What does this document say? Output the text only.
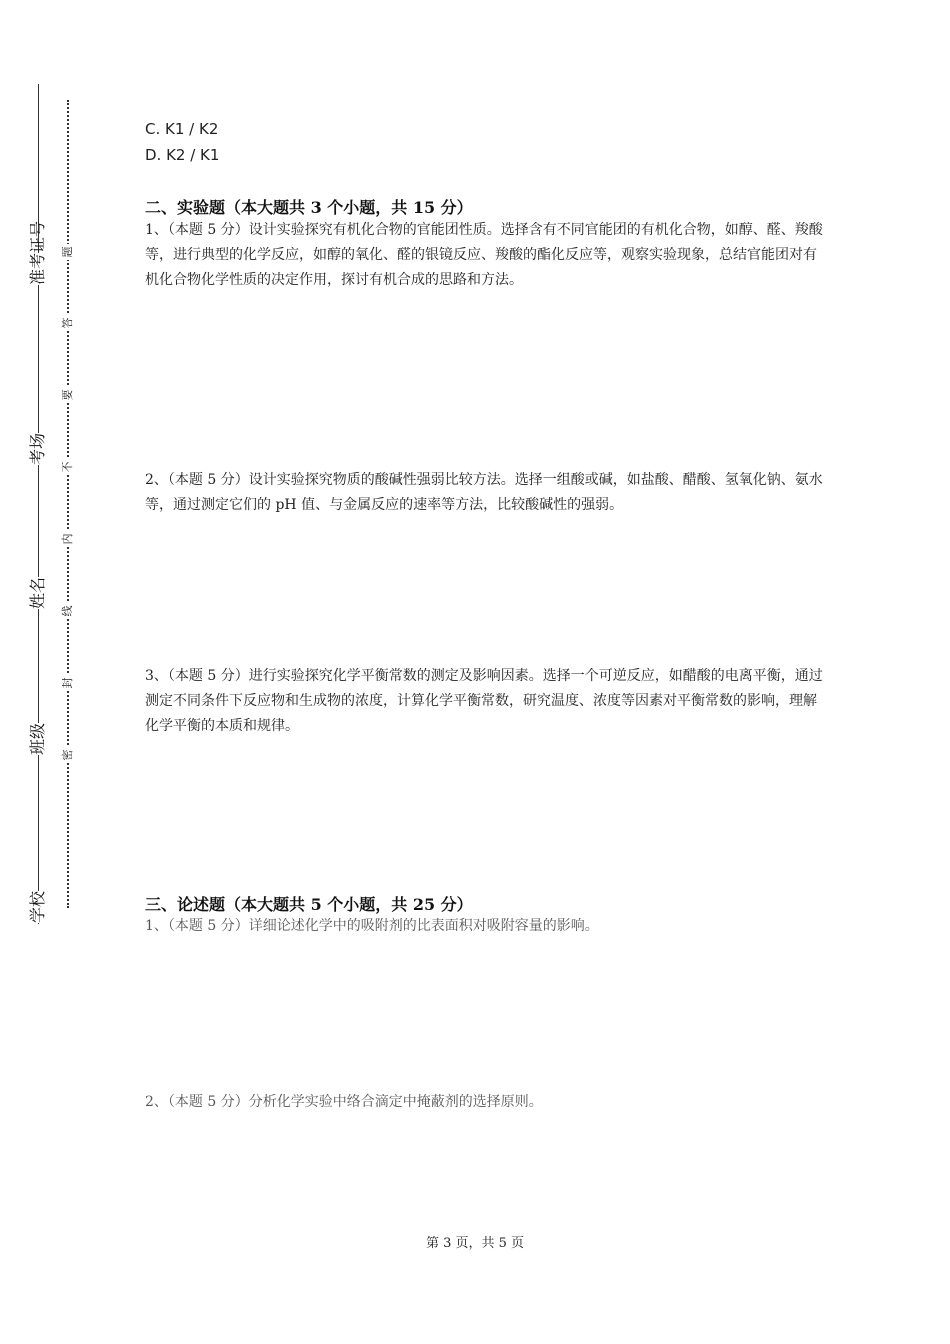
准考证号
考场
姓名
班级
学校
题
答
要
不
内
线
封
密
C. K1 / K2
D. K2 / K1
二、实验题（本大题共 3 个小题，共 15 分）
1、（本题 5 分）设计实验探究有机化合物的官能团性质。选择含有不同官能团的有机化合物，如醇、醛、羧酸等，进行典型的化学反应，如醇的氧化、醛的银镜反应、羧酸的酯化反应等，观察实验现象，总结官能团对有机化合物化学性质的决定作用，探讨有机合成的思路和方法。
2、（本题 5 分）设计实验探究物质的酸碱性强弱比较方法。选择一组酸或碱，如盐酸、醋酸、氢氧化钠、氨水等，通过测定它们的 pH 值、与金属反应的速率等方法，比较酸碱性的强弱。
3、（本题 5 分）进行实验探究化学平衡常数的测定及影响因素。选择一个可逆反应，如醋酸的电离平衡，通过测定不同条件下反应物和生成物的浓度，计算化学平衡常数，研究温度、浓度等因素对平衡常数的影响，理解化学平衡的本质和规律。
三、论述题（本大题共 5 个小题，共 25 分）
1、（本题 5 分）详细论述化学中的吸附剂的比表面积对吸附容量的影响。
2、（本题 5 分）分析化学实验中络合滴定中掩蔽剂的选择原则。
第 3 页，共 5 页
